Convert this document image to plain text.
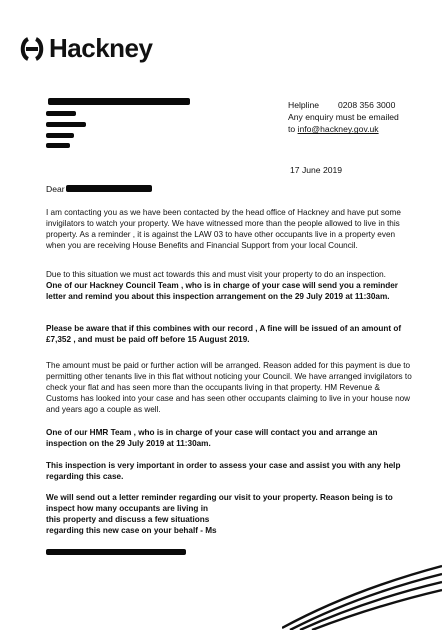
Hackney
Helpline 0208 356 3000
Any enquiry must be emailed
to info@hackney.gov.uk
17 June 2019
Dear

I am contacting you as we have been contacted by the head office of Hackney and have put some invigilators to watch your property. We have witnessed more than the people allowed to live in this property. As a reminder , it is against the LAW 03 to have other occupants live in a property even when you are receiving House Benefits and Financial Support from your local Council.

Due to this situation we must act towards this and must visit your property to do an inspection.

One of our Hackney Council Team , who is in charge of your case will send you a reminder letter and remind you about this inspection arrangement on the 29 July 2019 at 11:30am.

Please be aware that if this combines with our record , A fine will be issued of an amount of £7,352 , and must be paid off before 15 August 2019.

The amount must be paid or further action will be arranged. Reason added for this payment is due to permitting other tenants live in this flat without noticing your Council. We have arranged invigilators to check your flat and has seen more than the occupants living in that property. HM Revenue & Customs has looked into your case and has seen other occupants claiming to live in your house now and years ago a couple as well.

One of our HMR Team , who is in charge of your case will contact you and arrange an inspection on the 29 July 2019 at 11:30am.

This inspection is very important in order to assess your case and assist you with any help regarding this case.

We will send out a letter reminder regarding our visit to your property. Reason being is to inspect how many occupants are living in

this property and discuss a few situations

regarding this new case on your behalf - Ms
